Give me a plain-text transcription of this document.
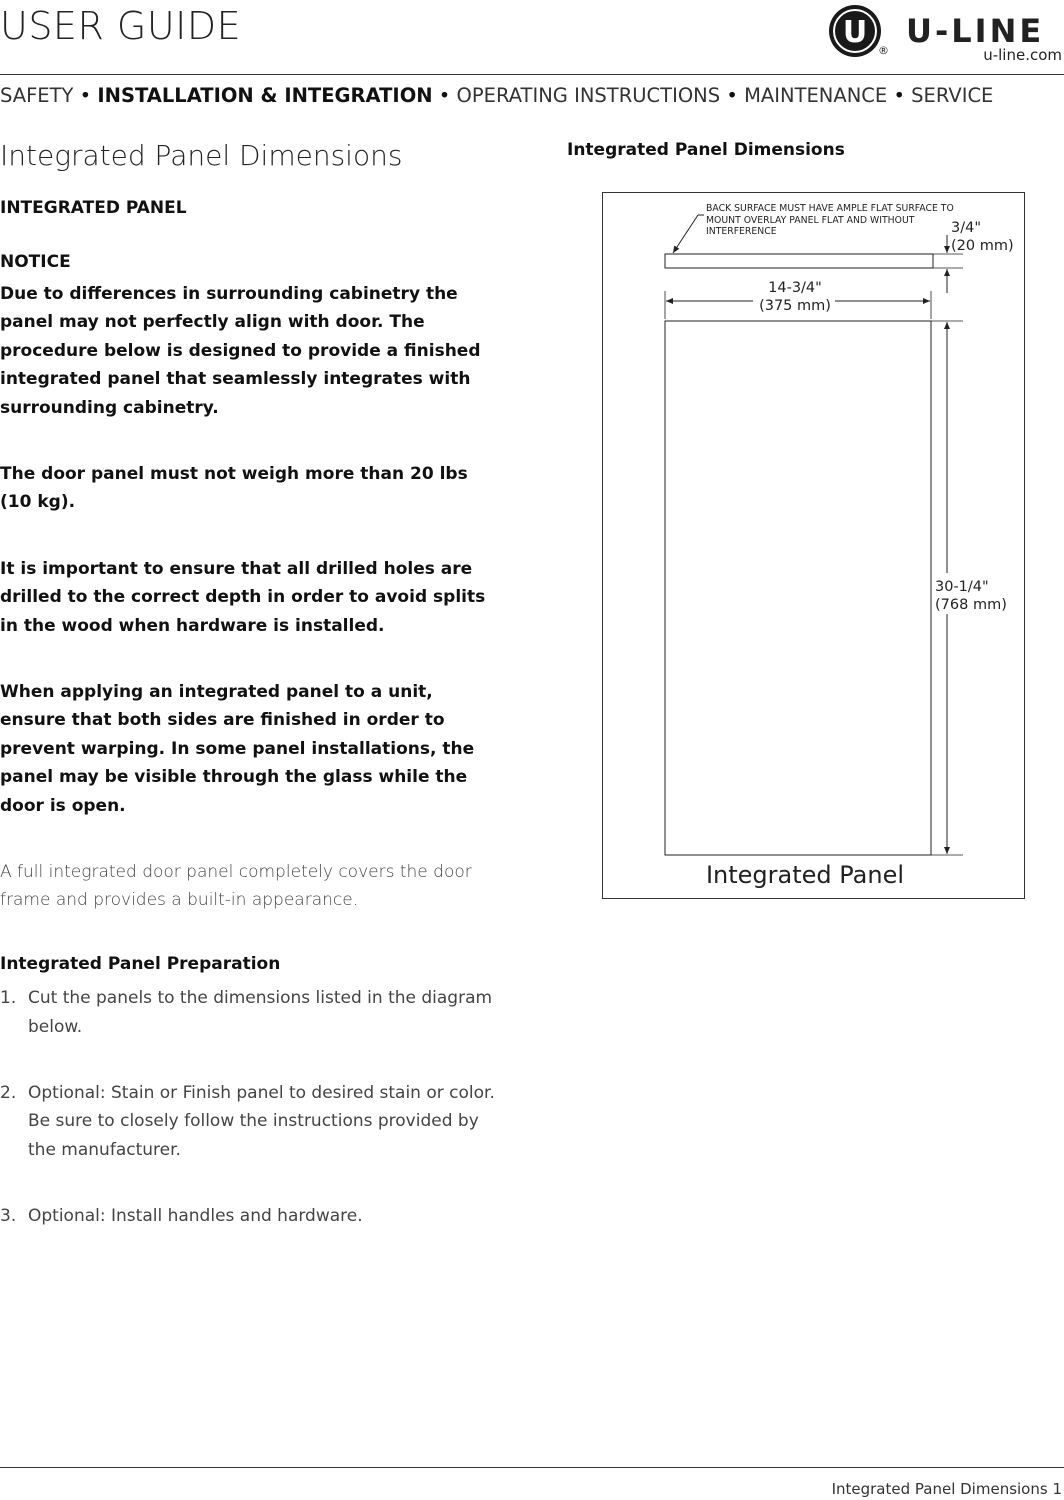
USER GUIDE	U
®
U-LINE
u-line.com
SAFETY • INSTALLATION & INTEGRATION • OPERATING INSTRUCTIONS • MAINTENANCE • SERVICE
Integrated Panel Dimensions
INTEGRATED PANEL
NOTICE

Due to differences in surrounding cabinetry the panel may not perfectly align with door. The procedure below is designed to provide a finished integrated panel that seamlessly integrates with surrounding cabinetry.

The door panel must not weigh more than 20 lbs (10 kg).

It is important to ensure that all drilled holes are drilled to the correct depth in order to avoid splits in the wood when hardware is installed.

When applying an integrated panel to a unit, ensure that both sides are finished in order to prevent warping. In some panel installations, the panel may be visible through the glass while the door is open.

A full integrated door panel completely covers the door frame and provides a built-in appearance.

Integrated Panel Preparation
1. Cut the panels to the dimensions listed in the diagram below.
2. Optional: Stain or Finish panel to desired stain or color. Be sure to closely follow the instructions provided by the manufacturer.
3. Optional: Install handles and hardware.
Integrated Panel Dimensions
BACK SURFACE MUST HAVE AMPLE FLAT SURFACE TO MOUNT OVERLAY PANEL FLAT AND WITHOUT INTERFERENCE	3/4"
(20 mm)
14-3/4"
(375 mm)
30-1/4"
(768 mm)
Integrated Panel
Integrated Panel Dimensions 1
